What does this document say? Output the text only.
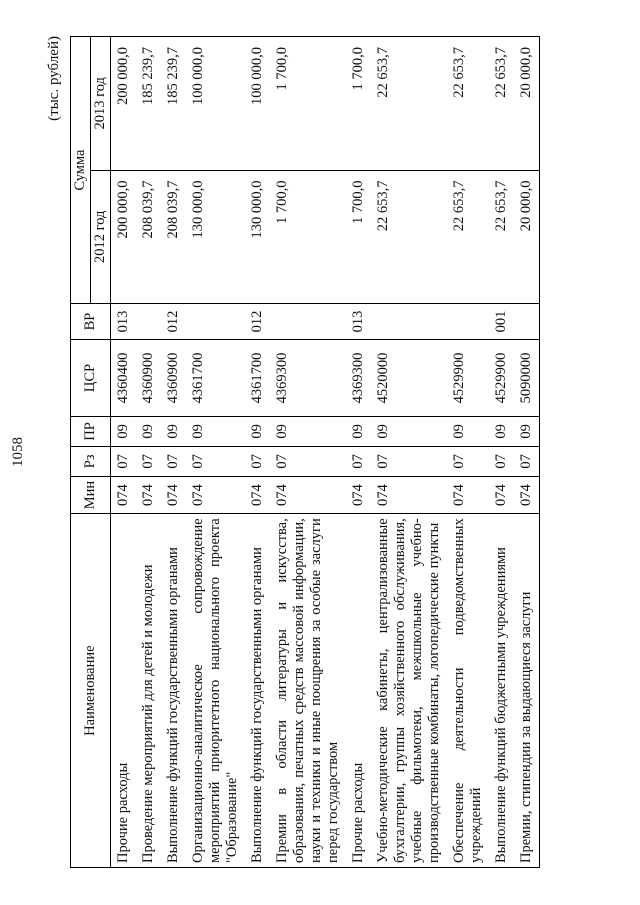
1058
(тыс. рублей)
Наименование	Мин	Рз	ПР	ЦСР	ВР	Сумма	
						2012 год	2013 год
Прочие расходы	074	07	09	4360400	013	200 000,0	200 000,0
Проведение мероприятий для детей и молодежи	074	07	09	4360900		208 039,7	185 239,7
Выполнение функций государственными органами	074	07	09	4360900	012	208 039,7	185 239,7
Организационно-аналитическое сопровождение мероприятий приоритетного национального проекта "Образование"	074	07	09	4361700		130 000,0	100 000,0
Выполнение функций государственными органами	074	07	09	4361700	012	130 000,0	100 000,0
Премии в области литературы и искусства, образования, печатных средств массовой информации, науки и техники и иные поощрения за особые заслуги перед государством	074	07	09	4369300		1 700,0	1 700,0
Прочие расходы	074	07	09	4369300	013	1 700,0	1 700,0
Учебно-методические кабинеты, централизованные бухгалтерии, группы хозяйственного обслуживания, учебные фильмотеки, межшкольные учебно-производственные комбинаты, логопедические пункты	074	07	09	4520000		22 653,7	22 653,7
Обеспечение деятельности подведомственных учреждений	074	07	09	4529900		22 653,7	22 653,7
Выполнение функций бюджетными учреждениями	074	07	09	4529900	001	22 653,7	22 653,7
Премии, стипендии за выдающиеся заслуги	074	07	09	5090000		20 000,0	20 000,0
